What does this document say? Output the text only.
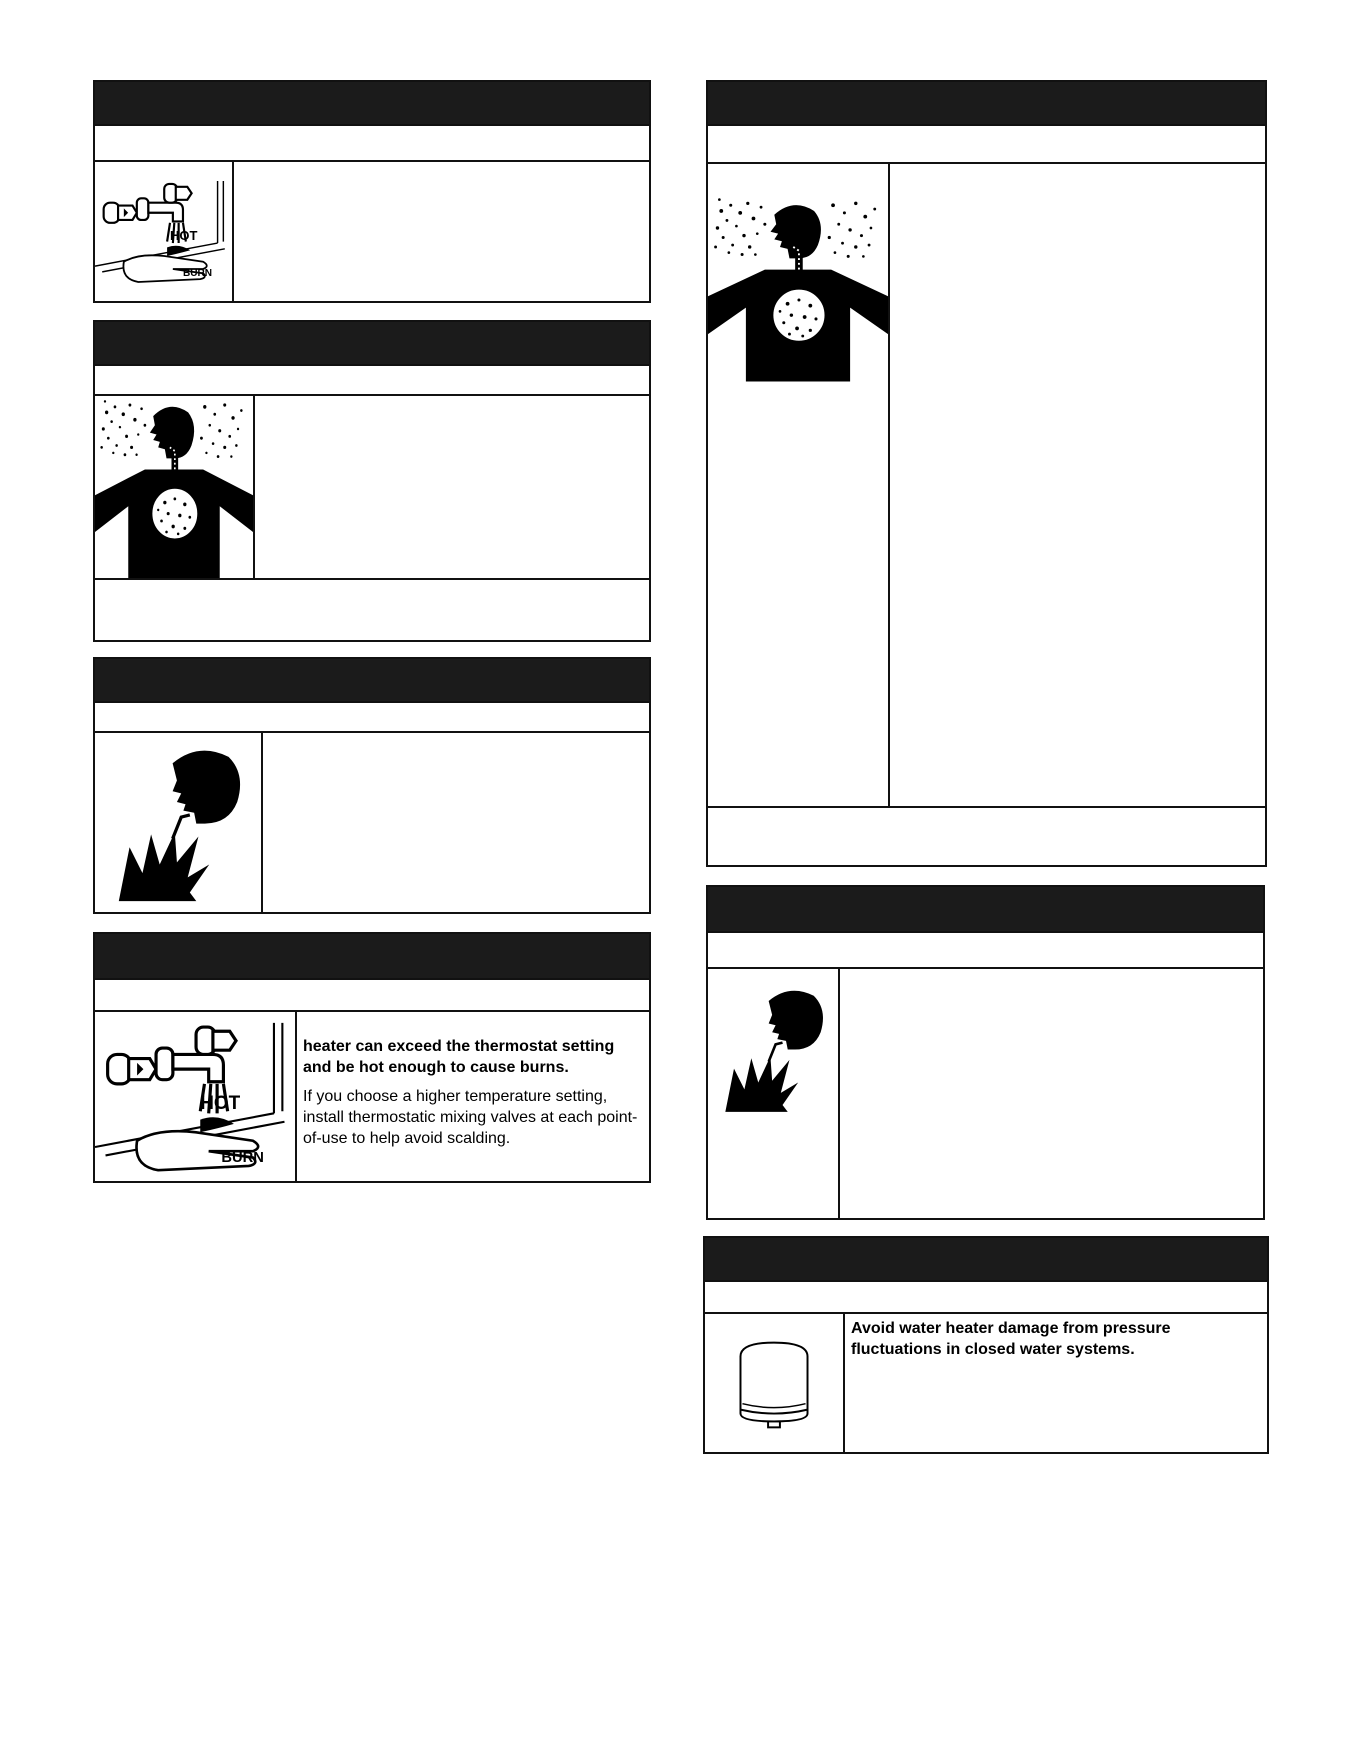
HOT
BURN
HOT
BURN

heater can exceed the thermostat setting and be hot enough to cause burns.

If you choose a higher temperature setting, install thermostatic mixing valves at each point-of-use to help avoid scalding.

Avoid water heater damage from pressure fluctuations in closed water systems.
